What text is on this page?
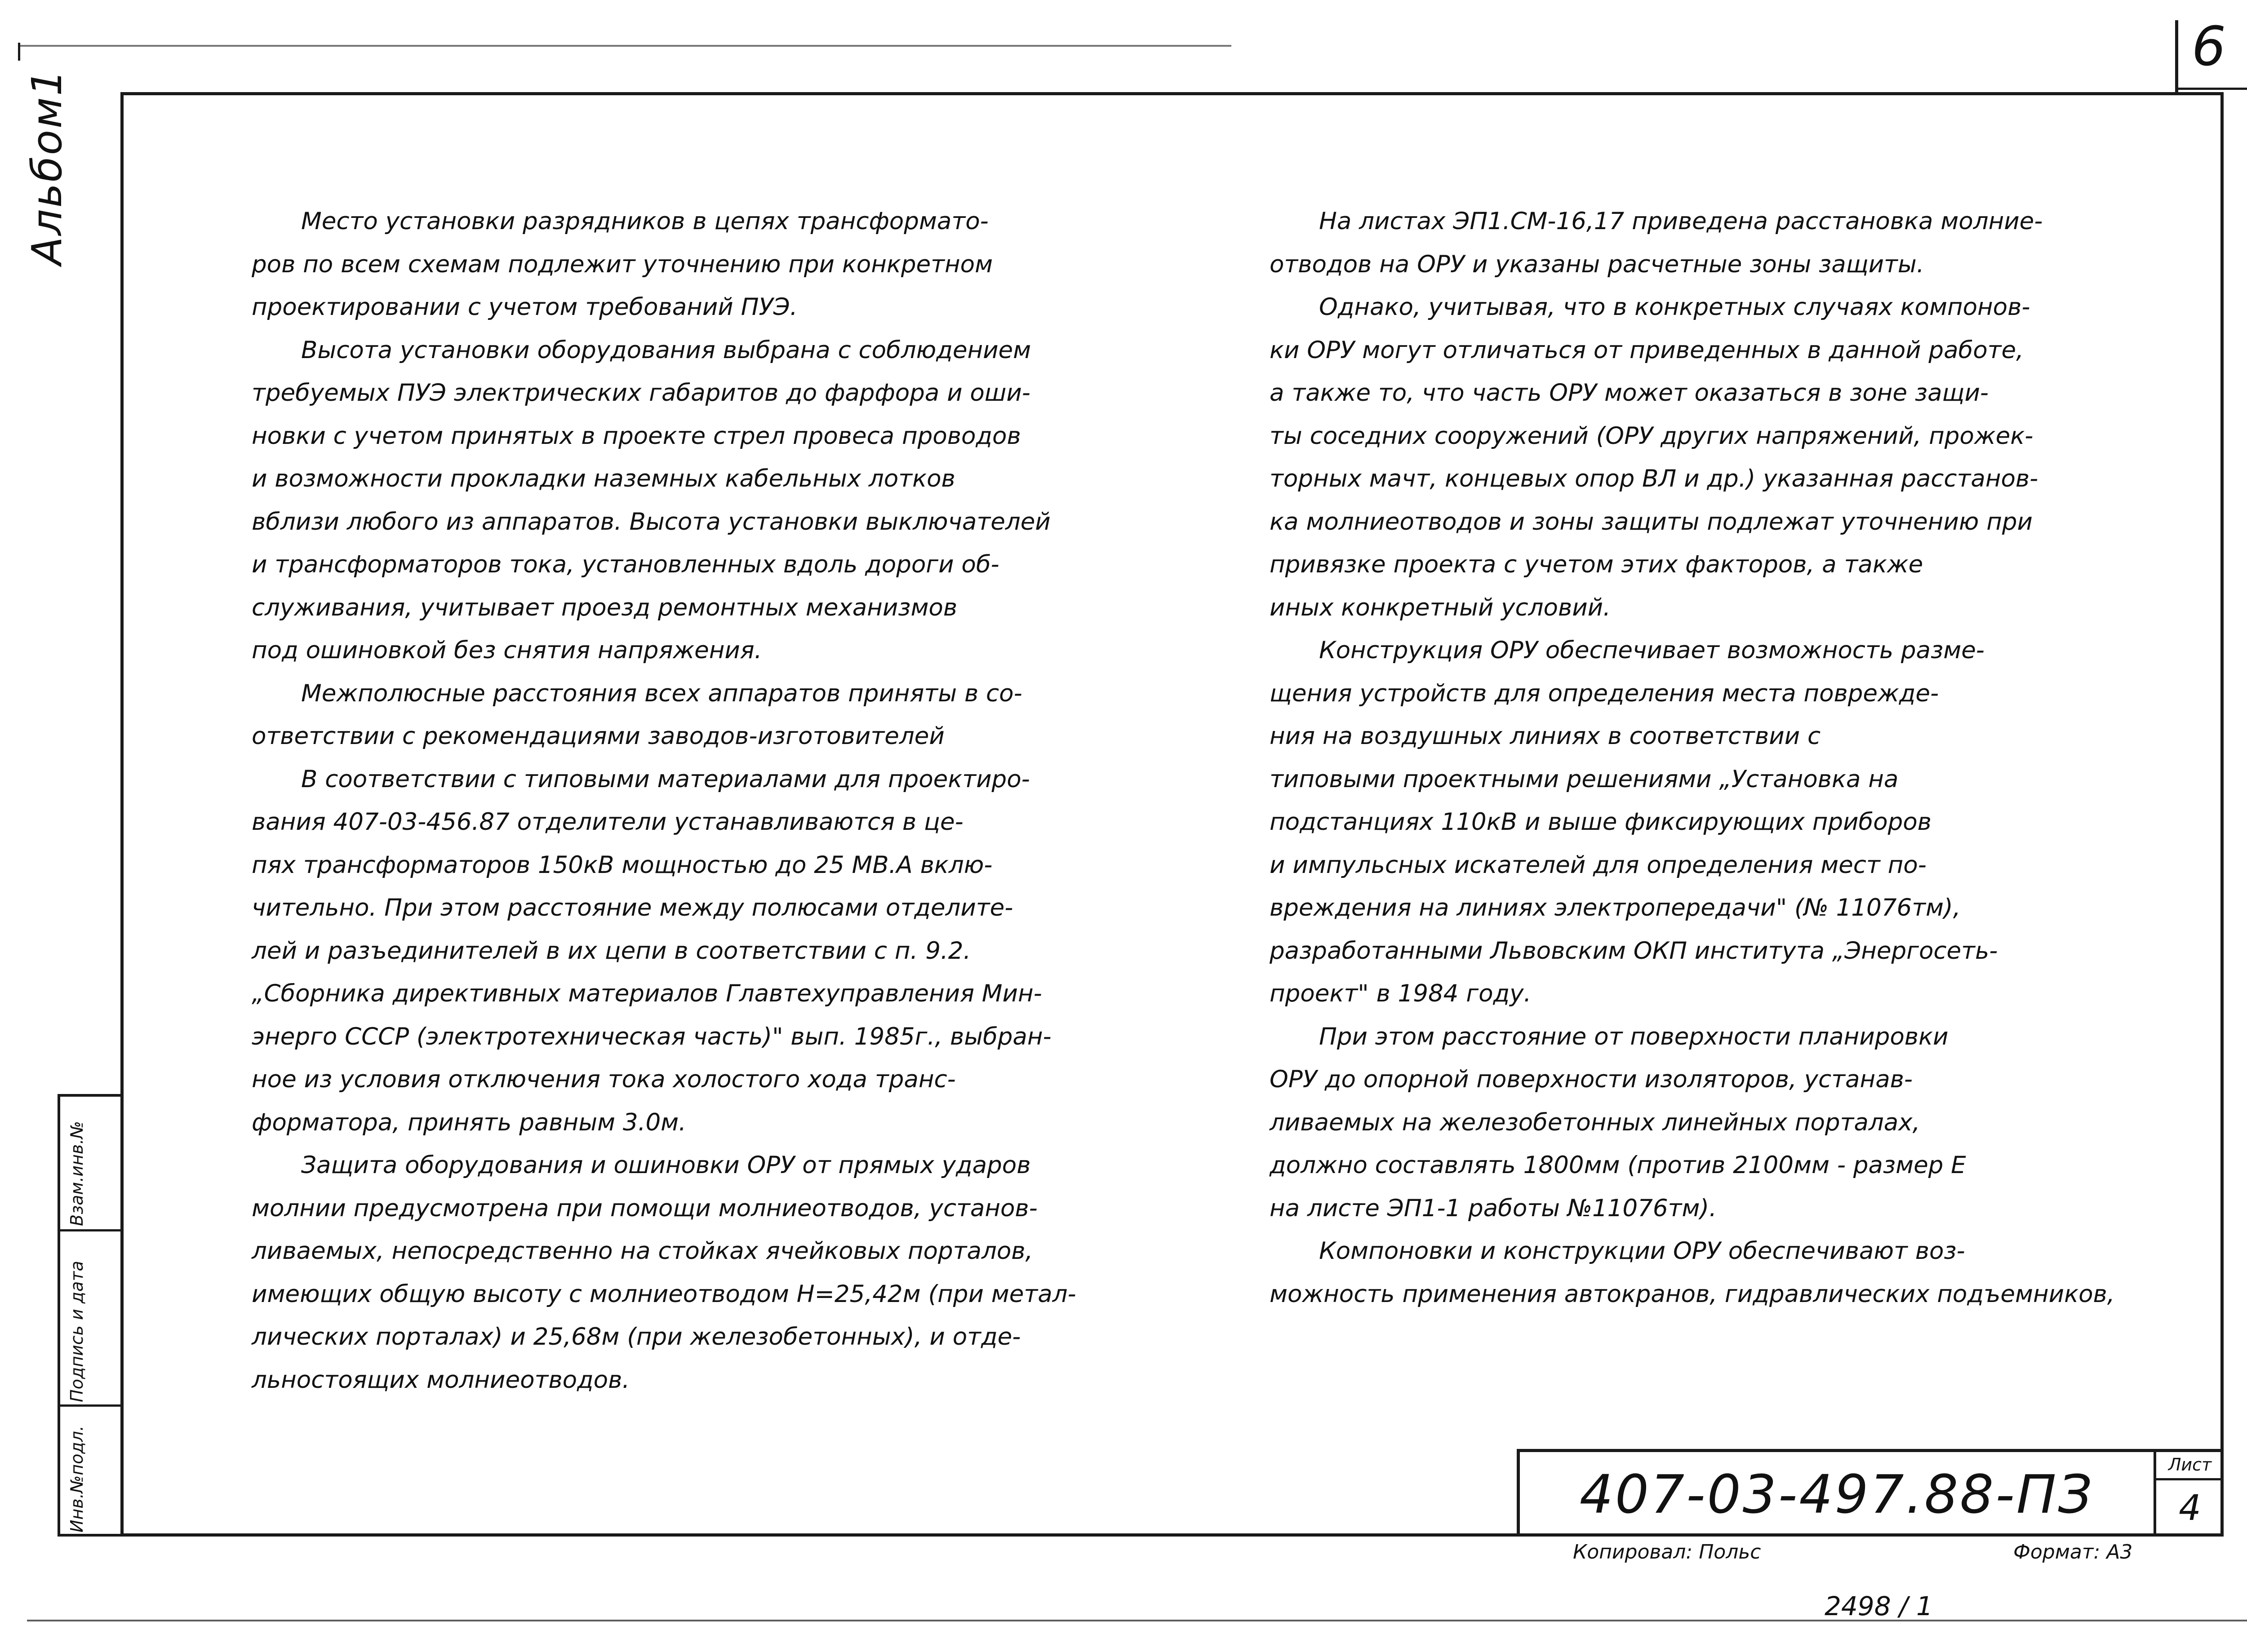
6
Альбом1
Взам.инв.№
Подпись и дата
Инв.№подл.
Место установки разрядников в цепях трансформато-
ров по всем схемам подлежит уточнению при конкретном
проектировании с учетом требований ПУЭ.
Высота установки оборудования выбрана с соблюдением
требуемых ПУЭ электрических габаритов до фарфора и оши-
новки с учетом принятых в проекте стрел провеса проводов
и возможности прокладки наземных кабельных лотков
вблизи любого из аппаратов. Высота установки выключателей
и трансформаторов тока, установленных вдоль дороги об-
служивания, учитывает проезд ремонтных механизмов
под ошиновкой без снятия напряжения.
Межполюсные расстояния всех аппаратов приняты в со-
ответствии с рекомендациями заводов-изготовителей
В соответствии с типовыми материалами для проектиро-
вания 407-03-456.87 отделители устанавливаются в це-
пях трансформаторов 150кВ мощностью до 25 МВ.А вклю-
чительно. При этом расстояние между полюсами отделите-
лей и разъединителей в их цепи в соответствии с п. 9.2.
„Сборника директивных материалов Главтехуправления Мин-
энерго СССР (электротехническая часть)" вып. 1985г., выбран-
ное из условия отключения тока холостого хода транс-
форматора, принять равным 3.0м.
Защита оборудования и ошиновки ОРУ от прямых ударов
молнии предусмотрена при помощи молниеотводов, установ-
ливаемых, непосредственно на стойках ячейковых порталов,
имеющих общую высоту с молниеотводом Н=25,42м (при метал-
лических порталах) и 25,68м (при железобетонных), и отде-
льностоящих молниеотводов.
На листах ЭП1.СМ-16,17 приведена расстановка молние-
отводов на ОРУ и указаны расчетные зоны защиты.
Однако, учитывая, что в конкретных случаях компонов-
ки ОРУ могут отличаться от приведенных в данной работе,
а также то, что часть ОРУ может оказаться в зоне защи-
ты соседних сооружений (ОРУ других напряжений, прожек-
торных мачт, концевых опор ВЛ и др.) указанная расстанов-
ка молниеотводов и зоны защиты подлежат уточнению при
привязке проекта с учетом этих факторов, а также
иных конкретный условий.
Конструкция ОРУ обеспечивает возможность разме-
щения устройств для определения места поврежде-
ния на воздушных линиях в соответствии с
типовыми проектными решениями „Установка на
подстанциях 110кВ и выше фиксирующих приборов
и импульсных искателей для определения мест по-
вреждения на линиях электропередачи" (№ 11076тм),
разработанными Львовским ОКП института „Энергосеть-
проект" в 1984 году.
При этом расстояние от поверхности планировки
ОРУ до опорной поверхности изоляторов, устанав-
ливаемых на железобетонных линейных порталах,
должно составлять 1800мм (против 2100мм - размер Е
на листе ЭП1-1 работы №11076тм).
Компоновки и конструкции ОРУ обеспечивают воз-
можность применения автокранов, гидравлических подъемников,
407-03-497.88-ПЗ	Лист
4
Копировал: Польс	Формат: А3
2498 / 1
